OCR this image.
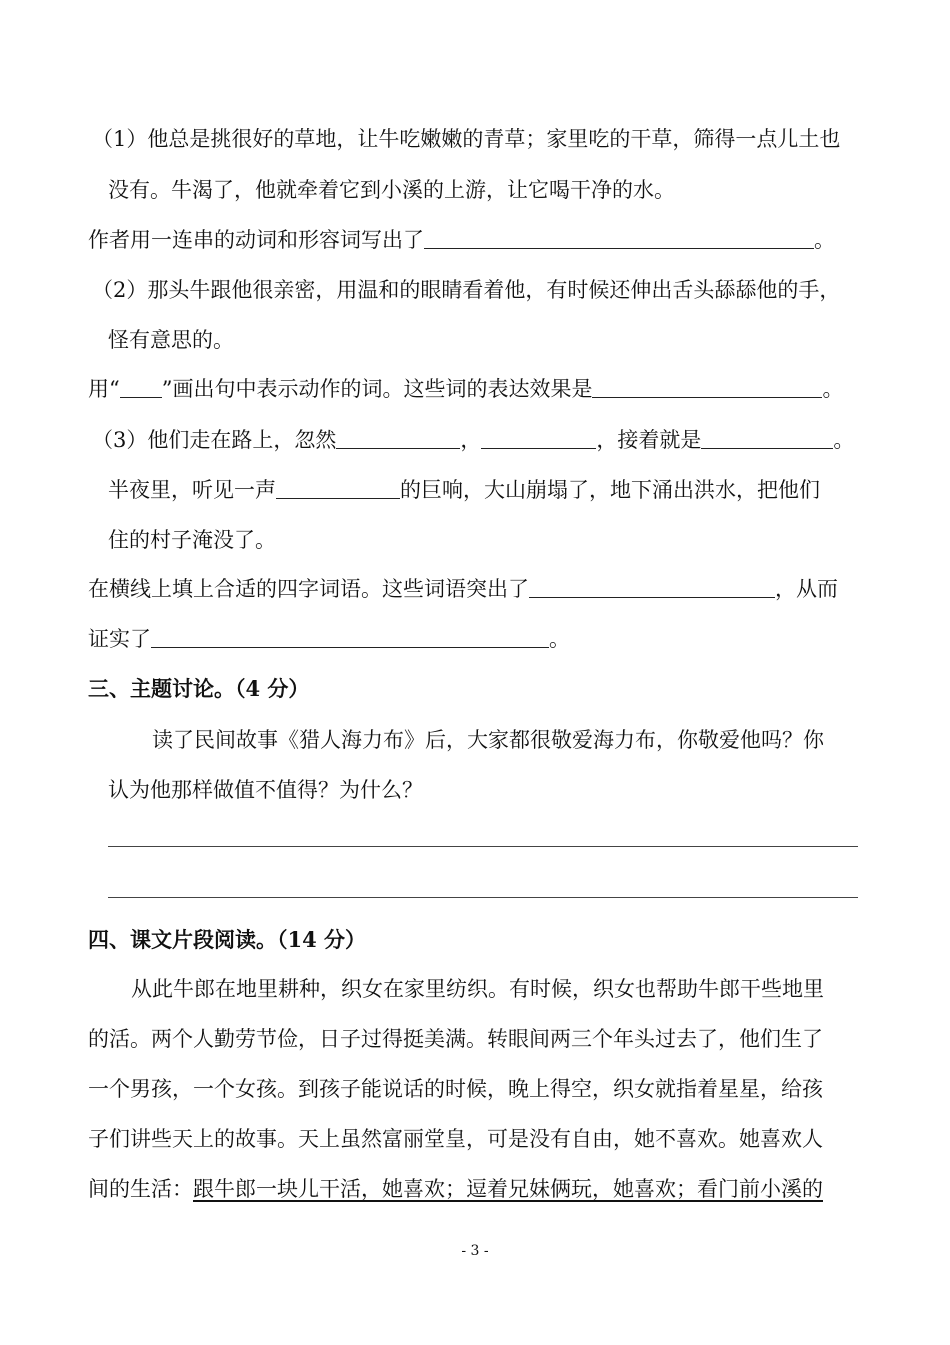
（1）他总是挑很好的草地，让牛吃嫩嫩的青草；家里吃的干草，筛得一点儿土也
没有。牛渴了，他就牵着它到小溪的上游，让它喝干净的水。
作者用一连串的动词和形容词写出了	。
（2）那头牛跟他很亲密，用温和的眼睛看着他，有时候还伸出舌头舔舔他的手，
怪有意思的。
用“ ”画出句中表示动作的词。这些词的表达效果是	。
（3）他们走在路上，忽然	，	，接着就是	。
半夜里，听见一声	的巨响，大山崩塌了，地下涌出洪水，把他们
住的村子淹没了。
在横线上填上合适的四字词语。这些词语突出了	，从而
证实了	。
三、主题讨论。（4 分）
读了民间故事《猎人海力布》后，大家都很敬爱海力布，你敬爱他吗？你
认为他那样做值不值得？为什么？
四、课文片段阅读。（14 分）
从此牛郎在地里耕种，织女在家里纺织。有时候，织女也帮助牛郎干些地里
的活。两个人勤劳节俭，日子过得挺美满。转眼间两三个年头过去了，他们生了
一个男孩，一个女孩。到孩子能说话的时候，晚上得空，织女就指着星星，给孩
子们讲些天上的故事。天上虽然富丽堂皇，可是没有自由，她不喜欢。她喜欢人
间的生活：跟牛郎一块儿干活，她喜欢；逗着兄妹俩玩，她喜欢；看门前小溪的
- 3 -
